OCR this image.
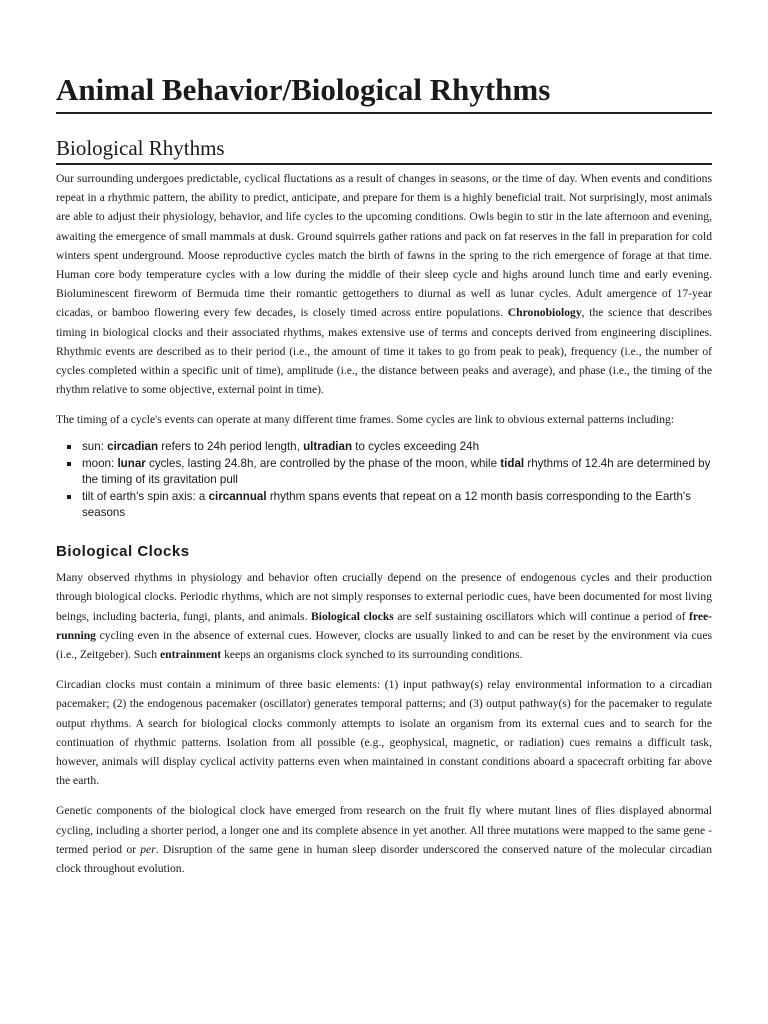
Animal Behavior/Biological Rhythms
Biological Rhythms

Our surrounding undergoes predictable, cyclical fluctations as a result of changes in seasons, or the time of day. When events and conditions repeat in a rhythmic pattern, the ability to predict, anticipate, and prepare for them is a highly beneficial trait. Not surprisingly, most animals are able to adjust their physiology, behavior, and life cycles to the upcoming conditions. Owls begin to stir in the late afternoon and evening, awaiting the emergence of small mammals at dusk. Ground squirrels gather rations and pack on fat reserves in the fall in preparation for cold winters spent underground. Moose reproductive cycles match the birth of fawns in the spring to the rich emergence of forage at that time. Human core body temperature cycles with a low during the middle of their sleep cycle and highs around lunch time and early evening. Bioluminescent fireworm of Bermuda time their romantic gettogethers to diurnal as well as lunar cycles. Adult amergence of 17-year cicadas, or bamboo flowering every few decades, is closely timed across entire populations. Chronobiology, the science that describes timing in biological clocks and their associated rhythms, makes extensive use of terms and concepts derived from engineering disciplines. Rhythmic events are described as to their period (i.e., the amount of time it takes to go from peak to peak), frequency (i.e., the number of cycles completed within a specific unit of time), amplitude (i.e., the distance between peaks and average), and phase (i.e., the timing of the rhythm relative to some objective, external point in time).

The timing of a cycle's events can operate at many different time frames. Some cycles are link to obvious external patterns including:

sun: circadian refers to 24h period length, ultradian to cycles exceeding 24h
moon: lunar cycles, lasting 24.8h, are controlled by the phase of the moon, while tidal rhythms of 12.4h are determined by the timing of its gravitation pull
tilt of earth's spin axis: a circannual rhythm spans events that repeat on a 12 month basis corresponding to the Earth's seasons
Biological Clocks

Many observed rhythms in physiology and behavior often crucially depend on the presence of endogenous cycles and their production through biological clocks. Periodic rhythms, which are not simply responses to external periodic cues, have been documented for most living beings, including bacteria, fungi, plants, and animals. Biological clocks are self sustaining oscillators which will continue a period of free-running cycling even in the absence of external cues. However, clocks are usually linked to and can be reset by the environment via cues (i.e., Zeitgeber). Such entrainment keeps an organisms clock synched to its surrounding conditions.

Circadian clocks must contain a minimum of three basic elements: (1) input pathway(s) relay environmental information to a circadian pacemaker; (2) the endogenous pacemaker (oscillator) generates temporal patterns; and (3) output pathway(s) for the pacemaker to regulate output rhythms. A search for biological clocks commonly attempts to isolate an organism from its external cues and to search for the continuation of rhythmic patterns. Isolation from all possible (e.g., geophysical, magnetic, or radiation) cues remains a difficult task, however, animals will display cyclical activity patterns even when maintained in constant conditions aboard a spacecraft orbiting far above the earth.

Genetic components of the biological clock have emerged from research on the fruit fly where mutant lines of flies displayed abnormal cycling, including a shorter period, a longer one and its complete absence in yet another. All three mutations were mapped to the same gene - termed period or per. Disruption of the same gene in human sleep disorder underscored the conserved nature of the molecular circadian clock throughout evolution.
